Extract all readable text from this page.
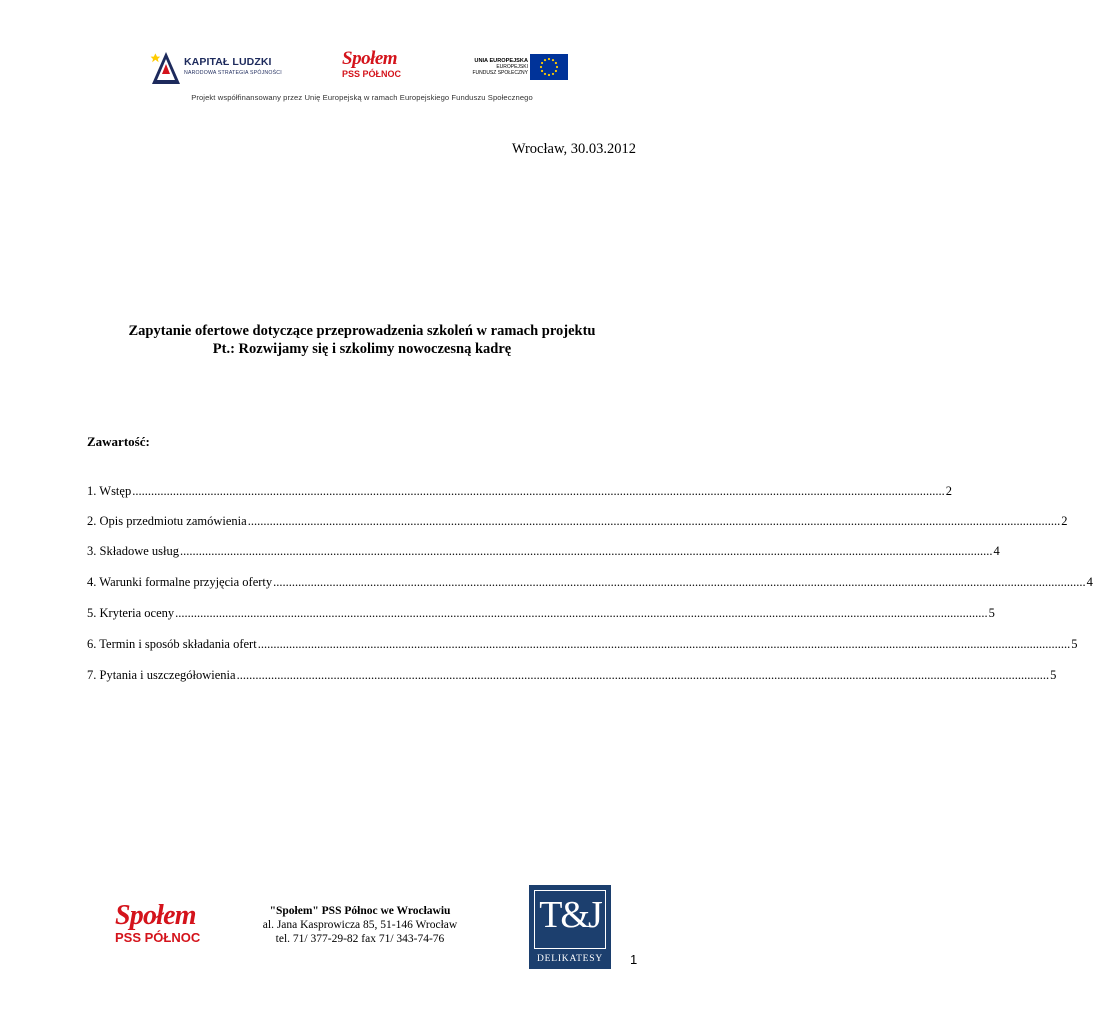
KAPITAŁ LUDZKI
NARODOWA STRATEGIA SPÓJNOŚCI
Społem
PSS PÓŁNOC
UNIA EUROPEJSKA
EUROPEJSKI
FUNDUSZ SPOŁECZNY
Projekt współfinansowany przez Unię Europejską w ramach Europejskiego Funduszu Społecznego
Wrocław, 30.03.2012
Zapytanie ofertowe dotyczące przeprowadzenia szkoleń w ramach projektu
Pt.: Rozwijamy się i szkolimy nowoczesną kadrę
Zawartość:
1. Wstęp .................................................................................................................................................................................................................................................................... 2
2. Opis przedmiotu zamówienia .................................................................................................................................................................................................................................................................... 2
3. Składowe usług .................................................................................................................................................................................................................................................................... 4
4. Warunki formalne przyjęcia oferty .................................................................................................................................................................................................................................................................... 4
5. Kryteria oceny .................................................................................................................................................................................................................................................................... 5
6. Termin i sposób składania ofert .................................................................................................................................................................................................................................................................... 5
7. Pytania i uszczegółowienia .................................................................................................................................................................................................................................................................... 5
Społem
PSS PÓŁNOC
"Społem" PSS Północ we Wrocławiu
al. Jana Kasprowicza 85, 51-146 Wrocław
tel. 71/ 377-29-82 fax 71/ 343-74-76
T&J
DELIKATESY	1
